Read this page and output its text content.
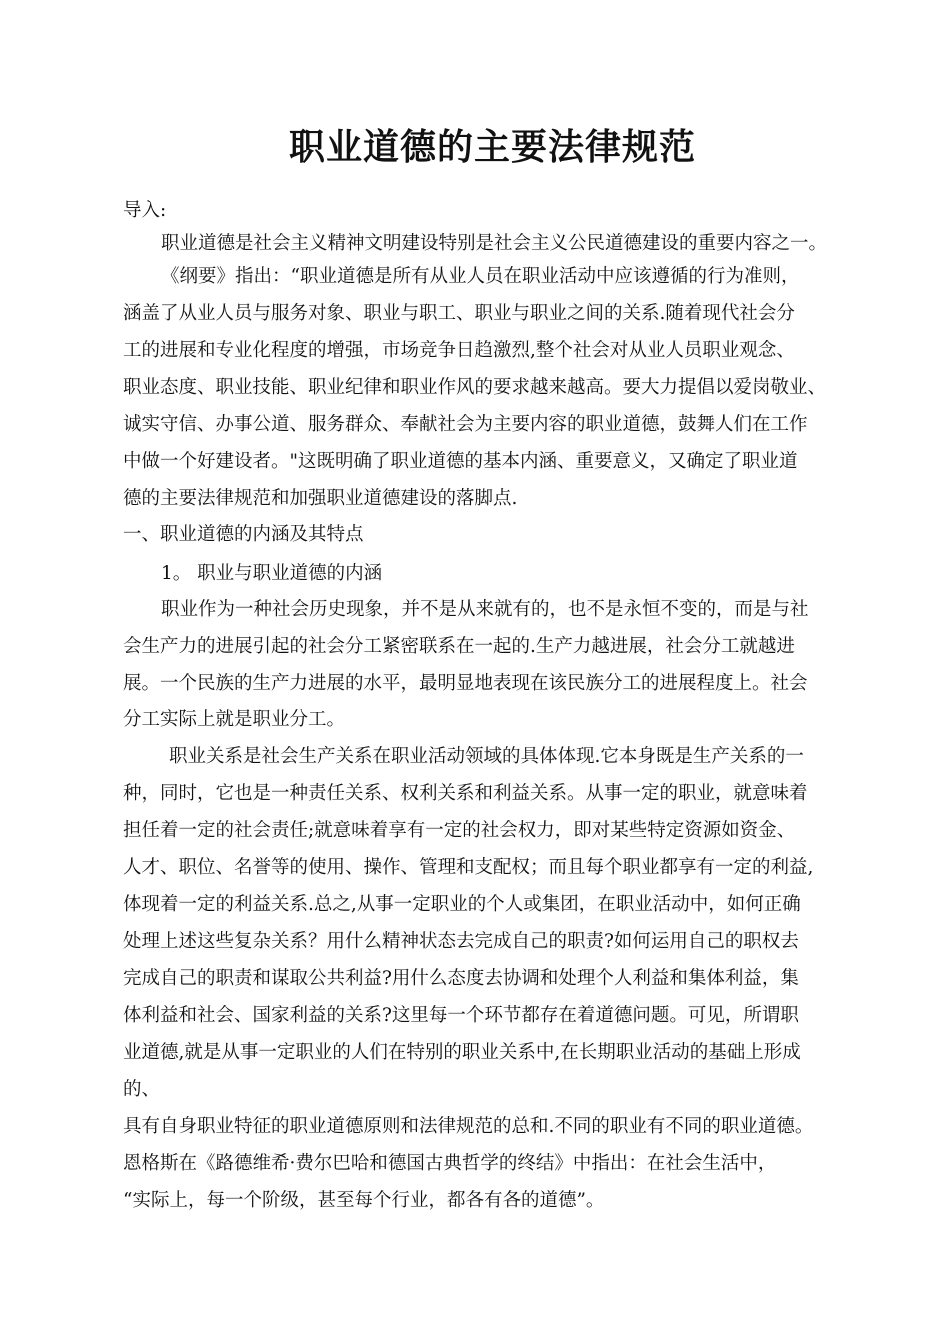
职业道德的主要法律规范

导入:

职业道德是社会主义精神文明建设特别是社会主义公民道德建设的重要内容之一。

《纲要》指出：“职业道德是所有从业人员在职业活动中应该遵循的行为准则，

涵盖了从业人员与服务对象、职业与职工、职业与职业之间的关系.随着现代社会分

工的进展和专业化程度的增强，市场竞争日趋激烈,整个社会对从业人员职业观念、

职业态度、职业技能、职业纪律和职业作风的要求越来越高。要大力提倡以爱岗敬业、

诚实守信、办事公道、服务群众、奉献社会为主要内容的职业道德，鼓舞人们在工作

中做一个好建设者。"这既明确了职业道德的基本内涵、重要意义，又确定了职业道

德的主要法律规范和加强职业道德建设的落脚点.

一、职业道德的内涵及其特点

1。 职业与职业道德的内涵

职业作为一种社会历史现象，并不是从来就有的，也不是永恒不变的，而是与社

会生产力的进展引起的社会分工紧密联系在一起的.生产力越进展，社会分工就越进

展。一个民族的生产力进展的水平，最明显地表现在该民族分工的进展程度上。社会

分工实际上就是职业分工。

职业关系是社会生产关系在职业活动领域的具体体现.它本身既是生产关系的一

种，同时，它也是一种责任关系、权利关系和利益关系。从事一定的职业，就意味着

担任着一定的社会责任;就意味着享有一定的社会权力，即对某些特定资源如资金、

人才、职位、名誉等的使用、操作、管理和支配权；而且每个职业都享有一定的利益,

体现着一定的利益关系.总之,从事一定职业的个人或集团，在职业活动中，如何正确

处理上述这些复杂关系？用什么精神状态去完成自己的职责?如何运用自己的职权去

完成自己的职责和谋取公共利益?用什么态度去协调和处理个人利益和集体利益，集

体利益和社会、国家利益的关系?这里每一个环节都存在着道德问题。可见，所谓职

业道德,就是从事一定职业的人们在特别的职业关系中,在长期职业活动的基础上形成

的、

具有自身职业特征的职业道德原则和法律规范的总和.不同的职业有不同的职业道德。

恩格斯在《路德维希·费尔巴哈和德国古典哲学的终结》中指出：在社会生活中，

“实际上，每一个阶级，甚至每个行业，都各有各的道德”。
